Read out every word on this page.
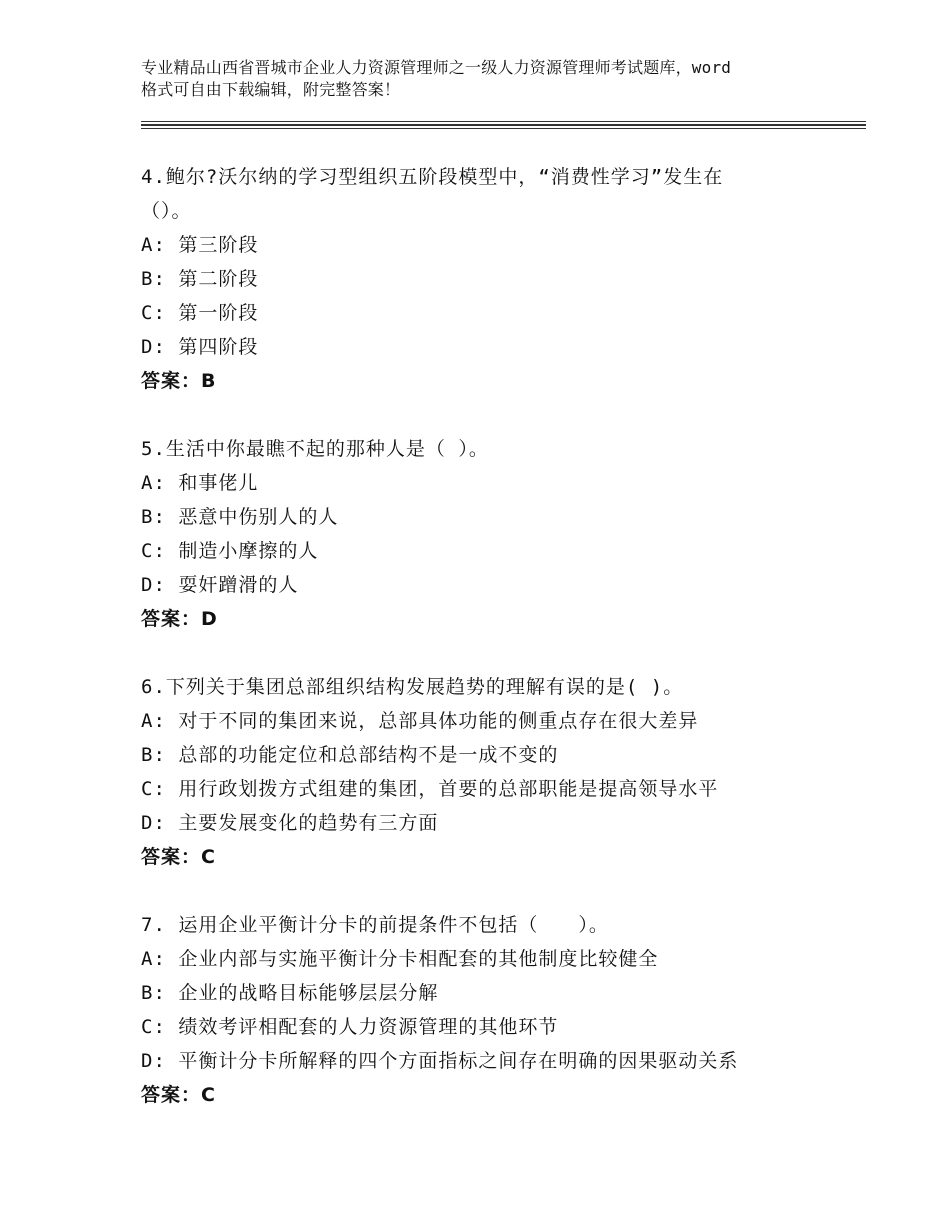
专业精品山西省晋城市企业人力资源管理师之一级人力资源管理师考试题库，word
格式可自由下载编辑，附完整答案！
4.鲍尔?沃尔纳的学习型组织五阶段模型中，“消费性学习”发生在
（）。
A: 第三阶段
B: 第二阶段
C: 第一阶段
D: 第四阶段
答案：B
5.生活中你最瞧不起的那种人是（ ）。
A: 和事佬儿
B: 恶意中伤别人的人
C: 制造小摩擦的人
D: 耍奸蹭滑的人
答案：D
6.下列关于集团总部组织结构发展趋势的理解有误的是( )。
A: 对于不同的集团来说，总部具体功能的侧重点存在很大差异
B: 总部的功能定位和总部结构不是一成不变的
C: 用行政划拨方式组建的集团，首要的总部职能是提高领导水平
D: 主要发展变化的趋势有三方面
答案：C
7. 运用企业平衡计分卡的前提条件不包括（　　）。
A: 企业内部与实施平衡计分卡相配套的其他制度比较健全
B: 企业的战略目标能够层层分解
C: 绩效考评相配套的人力资源管理的其他环节
D: 平衡计分卡所解释的四个方面指标之间存在明确的因果驱动关系
答案：C
